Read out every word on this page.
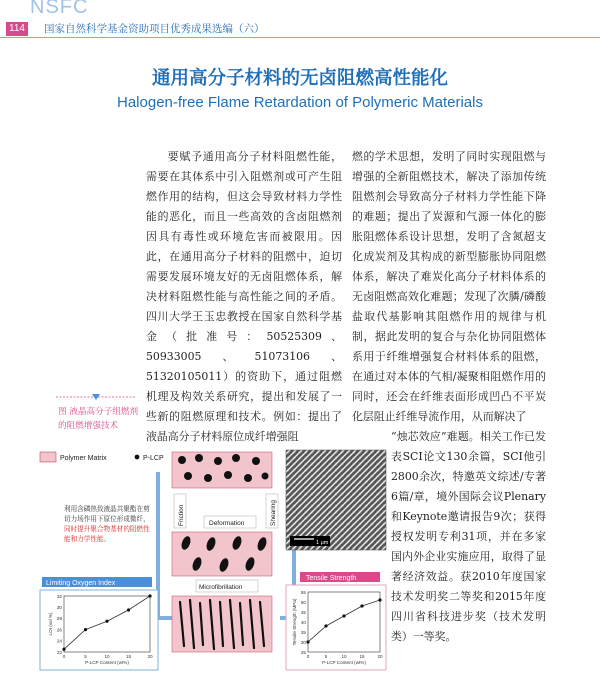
NSFC
114 国家自然科学基金资助项目优秀成果选编（六）
通用高分子材料的无卤阻燃高性能化
Halogen-free Flame Retardation of Polymeric Materials

要赋予通用高分子材料阻燃性能，需要在其体系中引入阻燃剂或可产生阻燃作用的结构，但这会导致材料力学性能的恶化，而且一些高效的含卤阻燃剂因具有毒性或环境危害而被限用。因此，在通用高分子材料的阻燃中，迫切需要发展环境友好的无卤阻燃体系，解决材料阻燃性能与高性能之间的矛盾。四川大学王玉忠教授在国家自然科学基金（批准号：50525309、50933005、51073106、51320105011）的资助下，通过阻燃机理及构效关系研究，提出和发展了一些新的阻燃原理和技术。例如：提出了液晶高分子材料原位成纤增强阻

燃的学术思想，发明了同时实现阻燃与增强的全新阻燃技术，解决了添加传统阻燃剂会导致高分子材料力学性能下降的难题；提出了炭源和气源一体化的膨胀阻燃体系设计思想，发明了含氮超支化成炭剂及其构成的新型膨胀协同阻燃体系，解决了难炭化高分子材料体系的无卤阻燃高效化难题；发现了次膦/磷酸盐取代基影响其阻燃作用的规律与机制，据此发明的复合与杂化协同阻燃体系用于纤维增强复合材料体系的阻燃，在通过对本体的气相/凝聚相阻燃作用的同时，还会在纤维表面形成凹凸不平炭化层阻止纤维导流作用，从而解决了

“烛芯效应”难题。相关工作已发表SCI论文130余篇，SCI他引2800余次，特邀英文综述/专著6篇/章，境外国际会议Plenary和Keynote邀请报告9次；获得授权发明专利31项，并在多家国内外企业实施应用，取得了显著经济效益。获2010年度国家技术发明奖二等奖和2015年度四川省科技进步奖（技术发明类）一等奖。

图 液晶高分子组燃剂的阻燃增强技术
Polymer Matrix	P-LCP
利用含磷热致液晶共聚酯在剪切力场作用下原位形成微纤，同时提升聚合物基材的阻燃性能和力学性能。
Friction	Shearing
Deformation
Microfibrillation
1 μm
Limiting Oxygen Index
22
24
26
28
30
32
0	5	10	15	20
LOI (vol %)
P-LCP Content (wt%)
Tensile Strength
25
30
35
40
45
50
55
0	5	10	15	20
Tensile Strength (MPa)
P-LCP Content (wt%)
